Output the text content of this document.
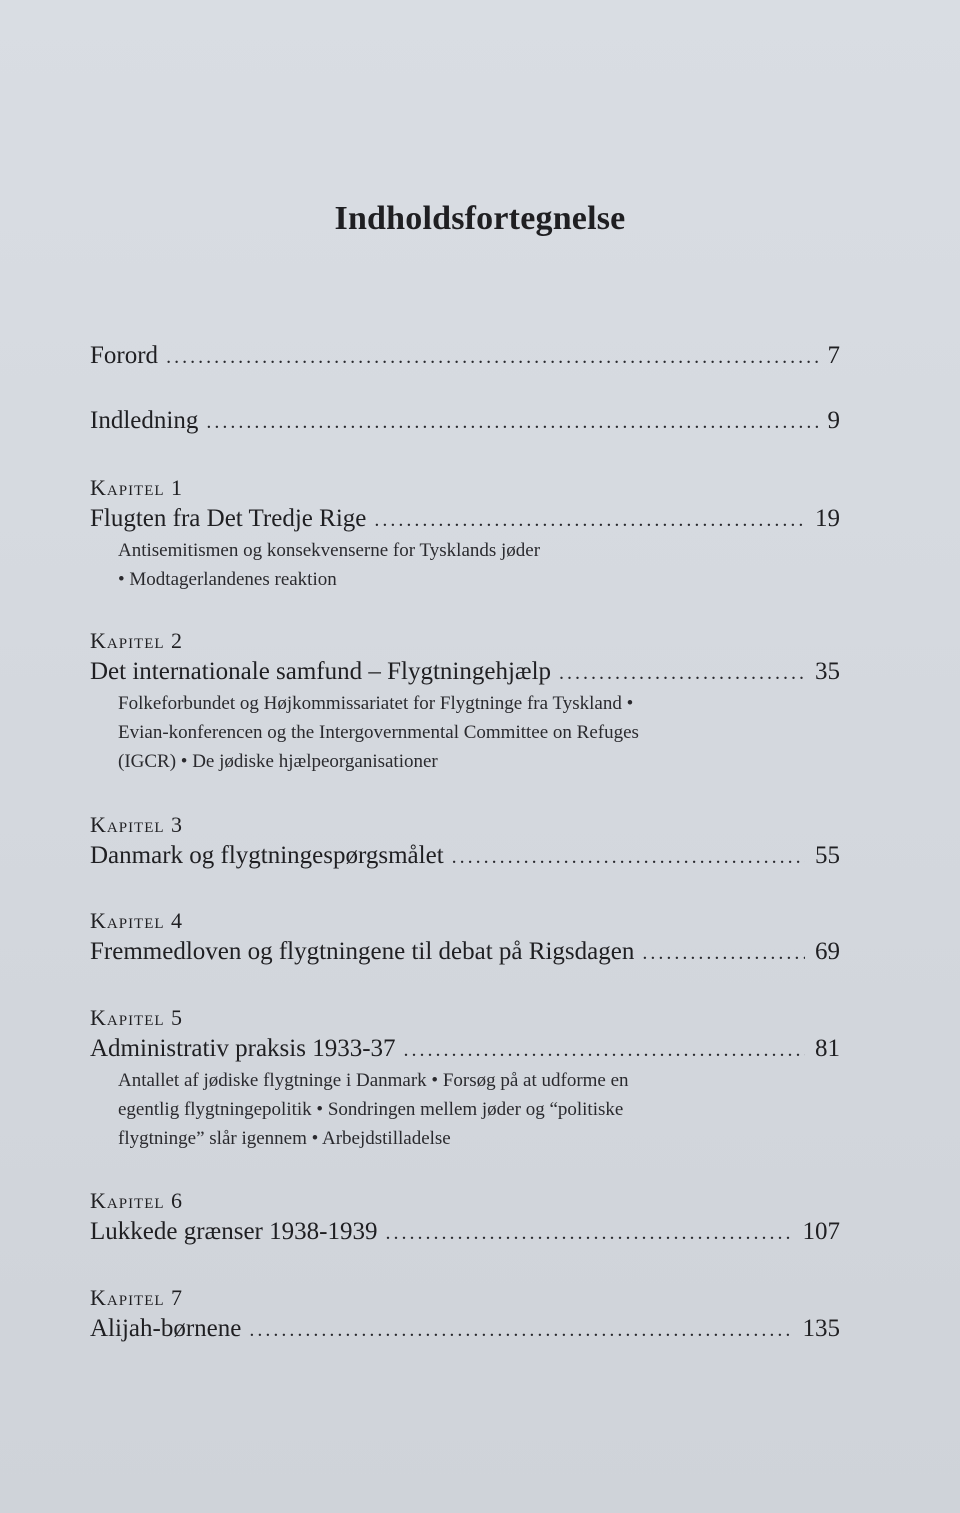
Indholdsfortegnelse
Forord .....	7
Indledning .....	9
Kapitel 1
Flugten fra Det Tredje Rige .....	19

Antisemitismen og konsekvenserne for Tysklands jøder

• Modtagerlandenes reaktion

Kapitel 2
Det internationale samfund – Flygtningehjælp .....	35

Folkeforbundet og Højkommissariatet for Flygtninge fra Tyskland •

Evian-konferencen og the Intergovernmental Committee on Refuges

(IGCR) • De jødiske hjælpeorganisationer

Kapitel 3
Danmark og flygtningespørgsmålet .....	55
Kapitel 4
Fremmedloven og flygtningene til debat på Rigsdagen .....	69
Kapitel 5
Administrativ praksis 1933-37 .....	81

Antallet af jødiske flygtninge i Danmark • Forsøg på at udforme en

egentlig flygtningepolitik • Sondringen mellem jøder og “politiske

flygtninge” slår igennem • Arbejdstilladelse

Kapitel 6
Lukkede grænser 1938-1939 .....	107
Kapitel 7
Alijah-børnene .....	135
